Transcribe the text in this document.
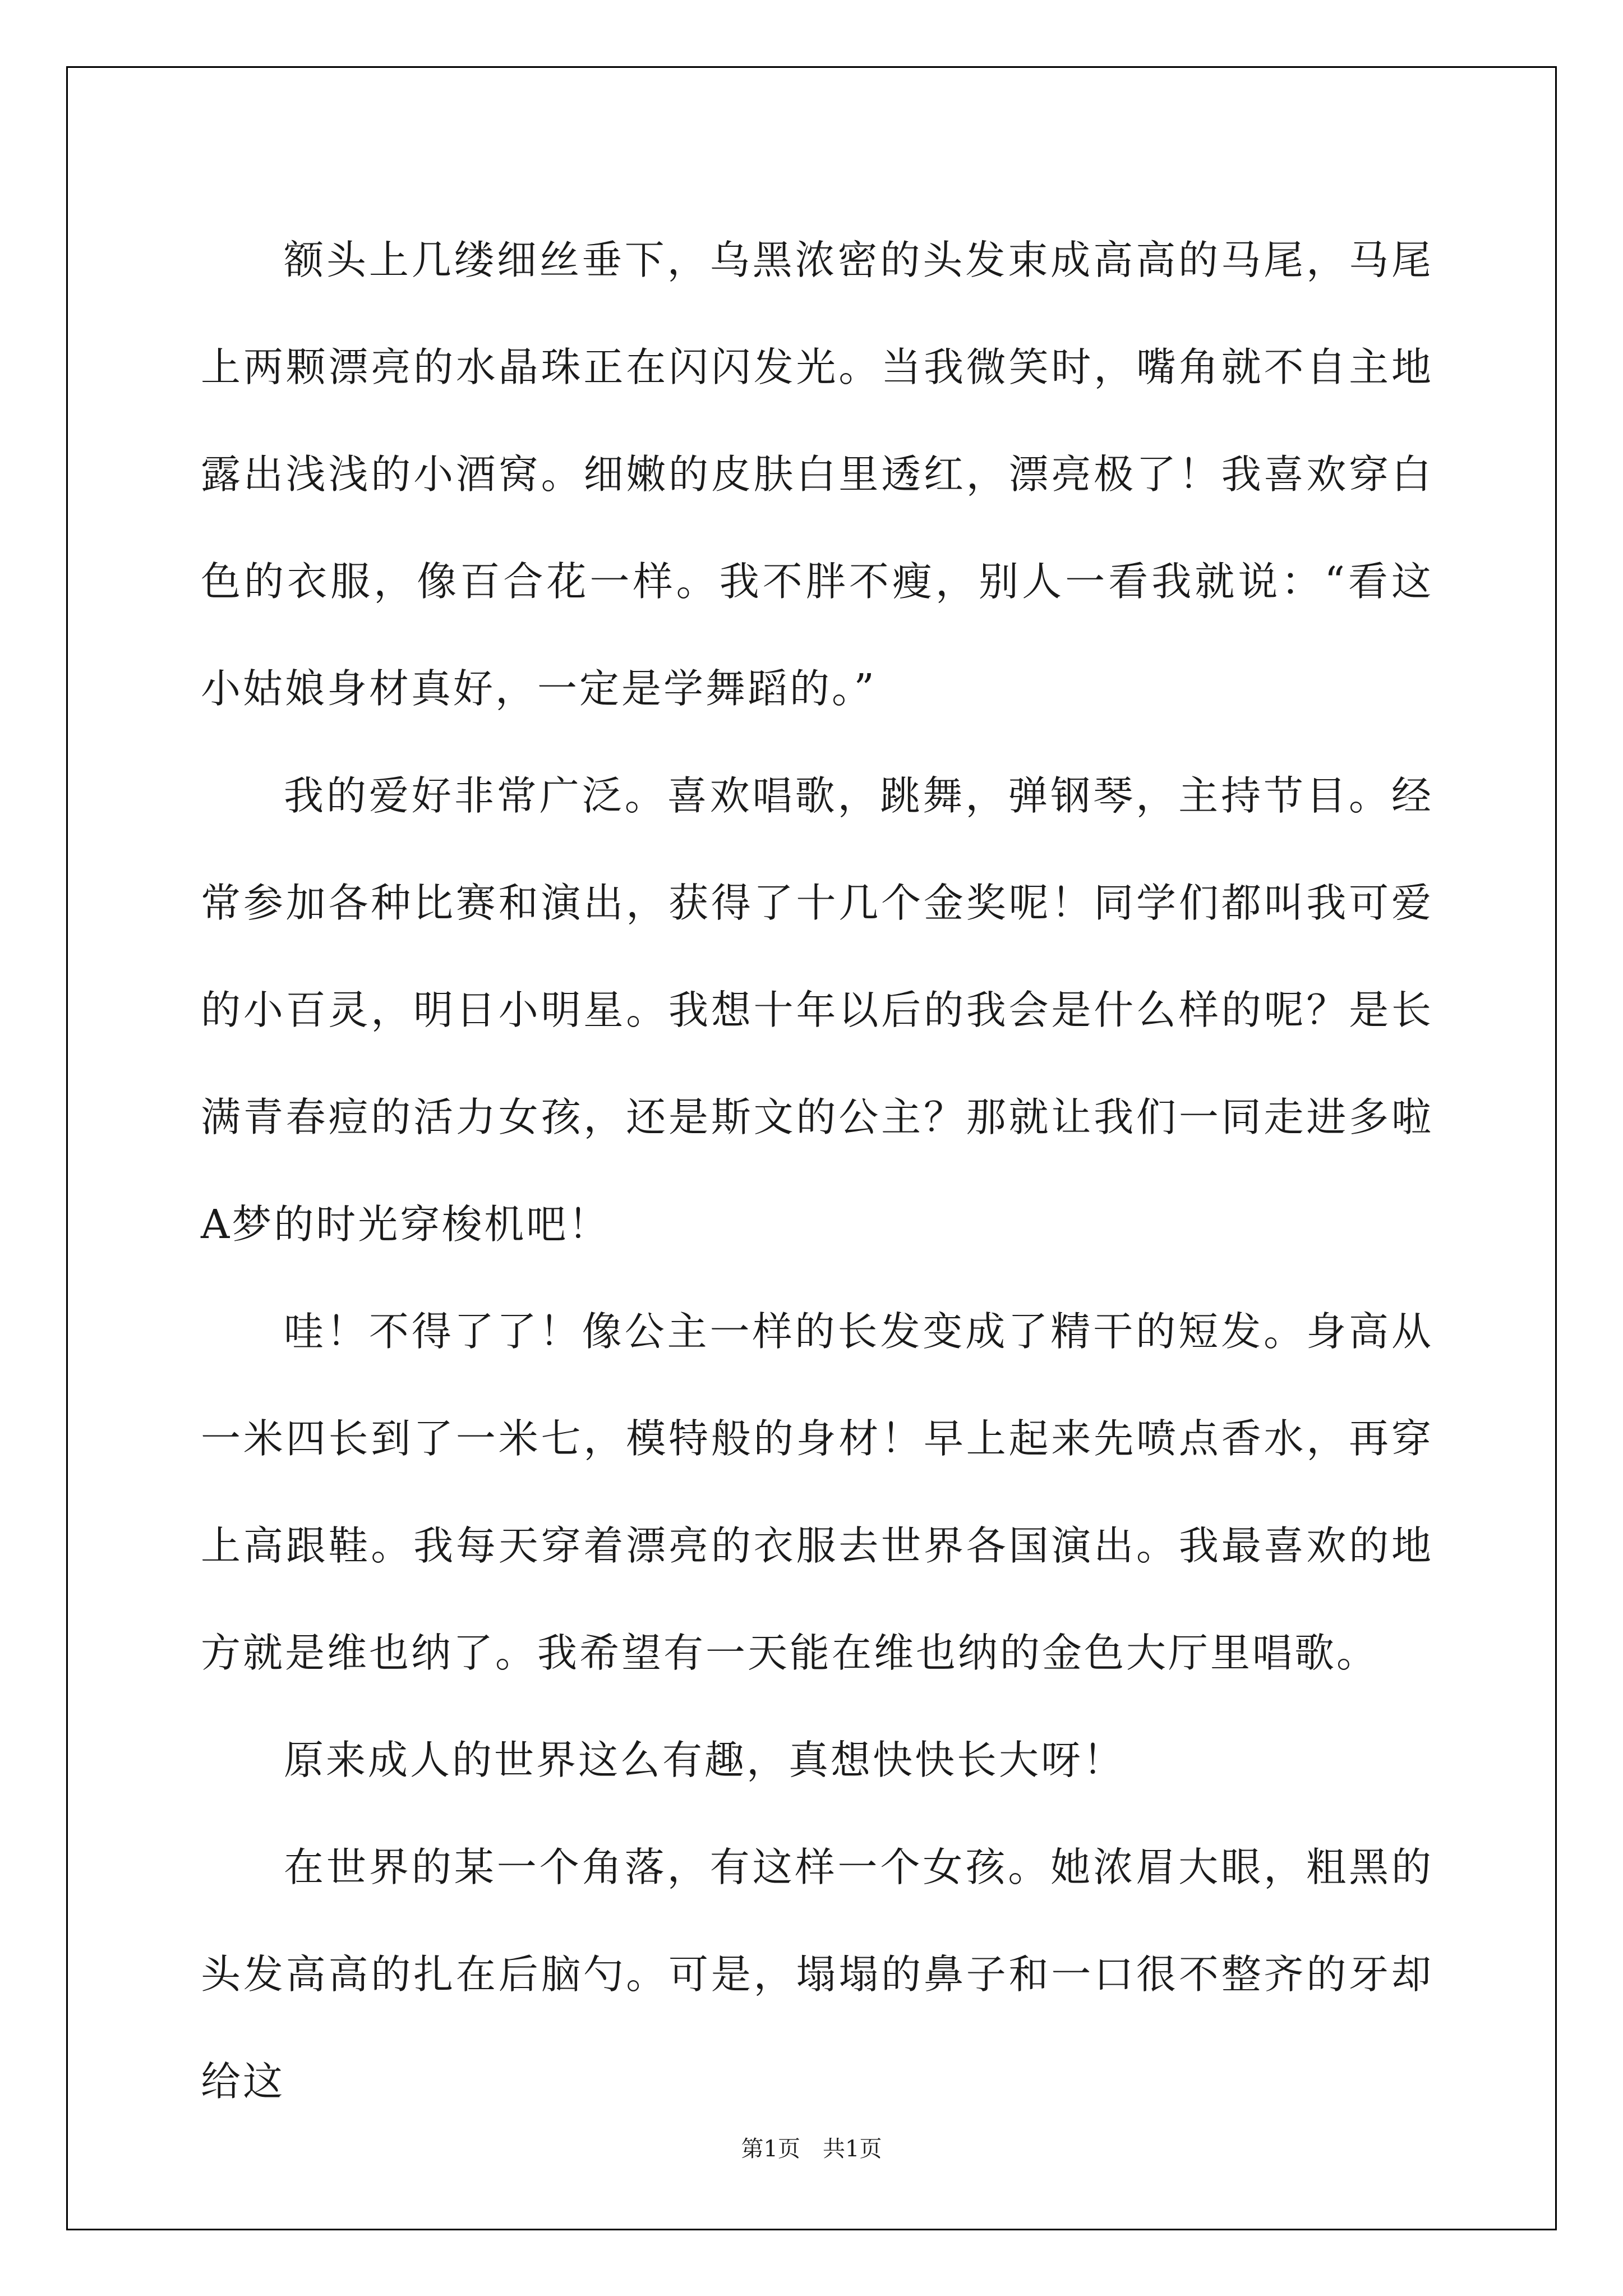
额头上几缕细丝垂下，乌黑浓密的头发束成高高的马尾，马尾上两颗漂亮的水晶珠正在闪闪发光。当我微笑时，嘴角就不自主地露出浅浅的小酒窝。细嫩的皮肤白里透红，漂亮极了！我喜欢穿白色的衣服，像百合花一样。我不胖不瘦，别人一看我就说：“看这小姑娘身材真好，一定是学舞蹈的。”

我的爱好非常广泛。喜欢唱歌，跳舞，弹钢琴，主持节目。经常参加各种比赛和演出，获得了十几个金奖呢！同学们都叫我可爱的小百灵，明日小明星。我想十年以后的我会是什么样的呢？是长满青春痘的活力女孩，还是斯文的公主？那就让我们一同走进多啦A梦的时光穿梭机吧！

哇！不得了了！像公主一样的长发变成了精干的短发。身高从一米四长到了一米七，模特般的身材！早上起来先喷点香水，再穿上高跟鞋。我每天穿着漂亮的衣服去世界各国演出。我最喜欢的地方就是维也纳了。我希望有一天能在维也纳的金色大厅里唱歌。

原来成人的世界这么有趣，真想快快长大呀！

在世界的某一个角落，有这样一个女孩。她浓眉大眼，粗黑的头发高高的扎在后脑勺。可是，塌塌的鼻子和一口很不整齐的牙却给这

第1页　共1页
